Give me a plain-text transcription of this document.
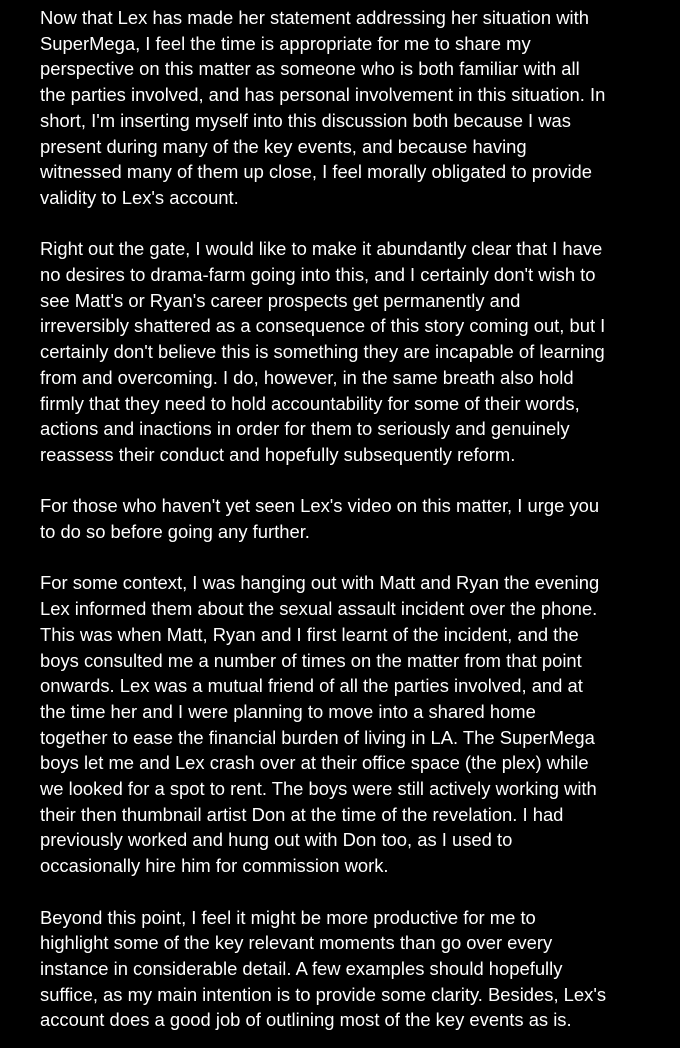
Now that Lex has made her statement addressing her situation with
SuperMega, I feel the time is appropriate for me to share my
perspective on this matter as someone who is both familiar with all
the parties involved, and has personal involvement in this situation. In
short, I'm inserting myself into this discussion both because I was
present during many of the key events, and because having
witnessed many of them up close, I feel morally obligated to provide
validity to Lex's account.

Right out the gate, I would like to make it abundantly clear that I have
no desires to drama-farm going into this, and I certainly don't wish to
see Matt's or Ryan's career prospects get permanently and
irreversibly shattered as a consequence of this story coming out, but I
certainly don't believe this is something they are incapable of learning
from and overcoming. I do, however, in the same breath also hold
firmly that they need to hold accountability for some of their words,
actions and inactions in order for them to seriously and genuinely
reassess their conduct and hopefully subsequently reform.

For those who haven't yet seen Lex's video on this matter, I urge you
to do so before going any further.

For some context, I was hanging out with Matt and Ryan the evening
Lex informed them about the sexual assault incident over the phone.
This was when Matt, Ryan and I first learnt of the incident, and the
boys consulted me a number of times on the matter from that point
onwards. Lex was a mutual friend of all the parties involved, and at
the time her and I were planning to move into a shared home
together to ease the financial burden of living in LA. The SuperMega
boys let me and Lex crash over at their office space (the plex) while
we looked for a spot to rent. The boys were still actively working with
their then thumbnail artist Don at the time of the revelation. I had
previously worked and hung out with Don too, as I used to
occasionally hire him for commission work.

Beyond this point, I feel it might be more productive for me to
highlight some of the key relevant moments than go over every
instance in considerable detail. A few examples should hopefully
suffice, as my main intention is to provide some clarity. Besides, Lex's
account does a good job of outlining most of the key events as is.
